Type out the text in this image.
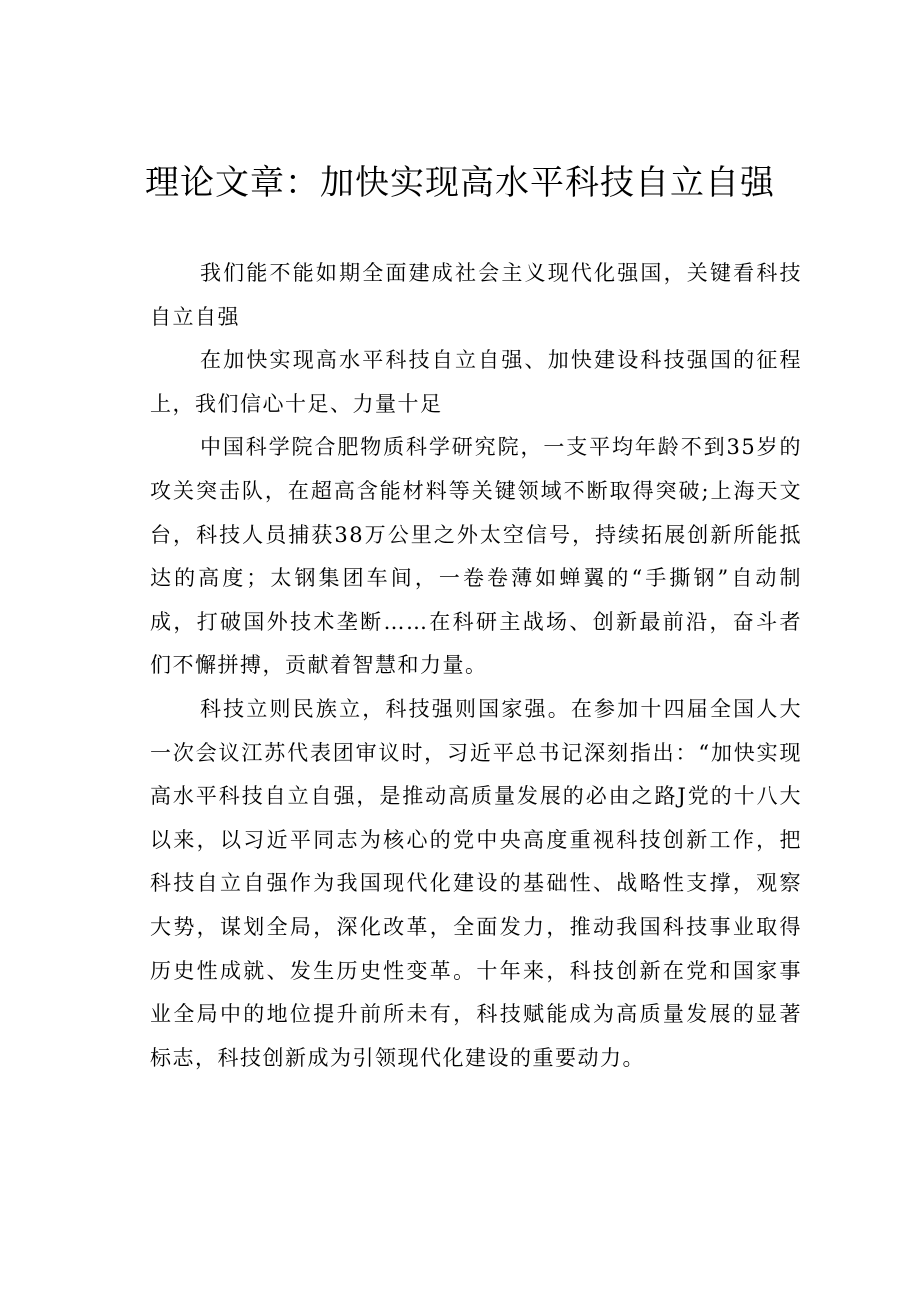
理论文章：加快实现高水平科技自立自强

我们能不能如期全面建成社会主义现代化强国，关键看科技自立自强

在加快实现高水平科技自立自强、加快建设科技强国的征程上，我们信心十足、力量十足

中国科学院合肥物质科学研究院，一支平均年龄不到35岁的攻关突击队，在超高含能材料等关键领域不断取得突破;上海天文台，科技人员捕获38万公里之外太空信号，持续拓展创新所能抵达的高度；太钢集团车间，一卷卷薄如蝉翼的“手撕钢”自动制成，打破国外技术垄断……在科研主战场、创新最前沿，奋斗者们不懈拼搏，贡献着智慧和力量。

科技立则民族立，科技强则国家强。在参加十四届全国人大一次会议江苏代表团审议时，习近平总书记深刻指出：“加快实现高水平科技自立自强，是推动高质量发展的必由之路J党的十八大以来，以习近平同志为核心的党中央高度重视科技创新工作，把科技自立自强作为我国现代化建设的基础性、战略性支撑，观察大势，谋划全局，深化改革，全面发力，推动我国科技事业取得历史性成就、发生历史性变革。十年来，科技创新在党和国家事业全局中的地位提升前所未有，科技赋能成为高质量发展的显著标志，科技创新成为引领现代化建设的重要动力。
